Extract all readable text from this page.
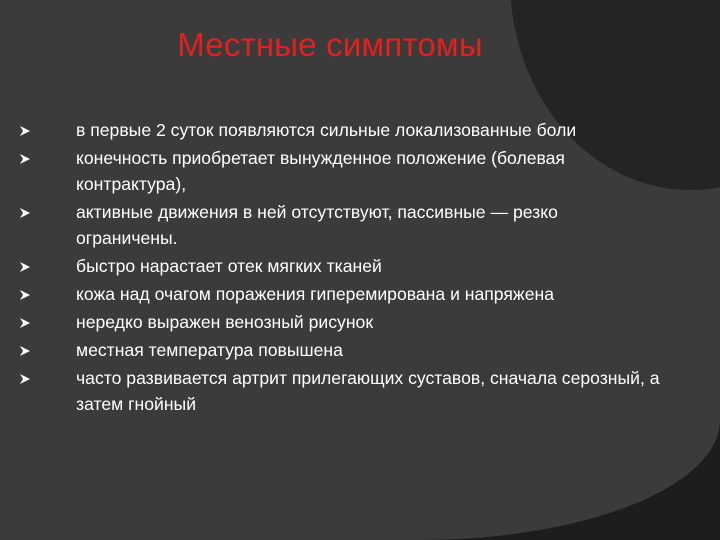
Местные симптомы
в первые 2 суток появляются сильные локализованные боли
конечность приобретает вынужденное положение (болевая контрактура),
активные движения в ней отсутствуют, пассивные — резко ограничены.
быстро нарастает отек мягких тканей
кожа над очагом поражения гиперемирована и напряжена
нередко выражен венозный рисунок
местная температура повышена
часто развивается артрит прилегающих суставов, сначала серозный, а затем гнойный
